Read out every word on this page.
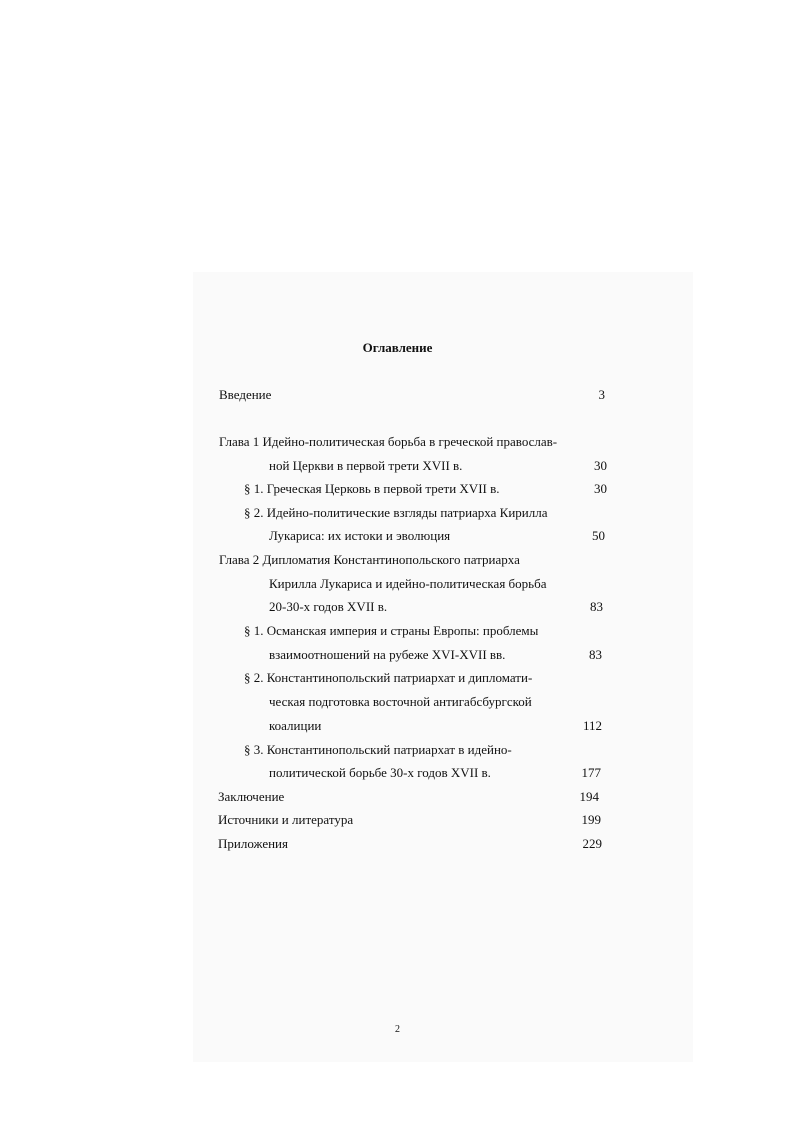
Оглавление
Введение	3
Глава 1 Идейно-политическая борьба в греческой православ-
ной Церкви в первой трети XVII в.	30
§ 1. Греческая Церковь в первой трети XVII в.	30
§ 2. Идейно-политические взгляды патриарха Кирилла
Лукариса: их истоки и эволюция	50
Глава 2 Дипломатия Константинопольского патриарха
Кирилла Лукариса и идейно-политическая борьба
20-30-х годов XVII в.	83
§ 1. Османская империя и страны Европы: проблемы
взаимоотношений на рубеже XVI-XVII вв.	83
§ 2. Константинопольский патриархат и дипломати-
ческая подготовка восточной антигабсбургской
коалиции	112
§ 3. Константинопольский патриархат в идейно-
политической борьбе 30-х годов XVII в.	177
Заключение	194
Источники и литература	199
Приложения	229
2
